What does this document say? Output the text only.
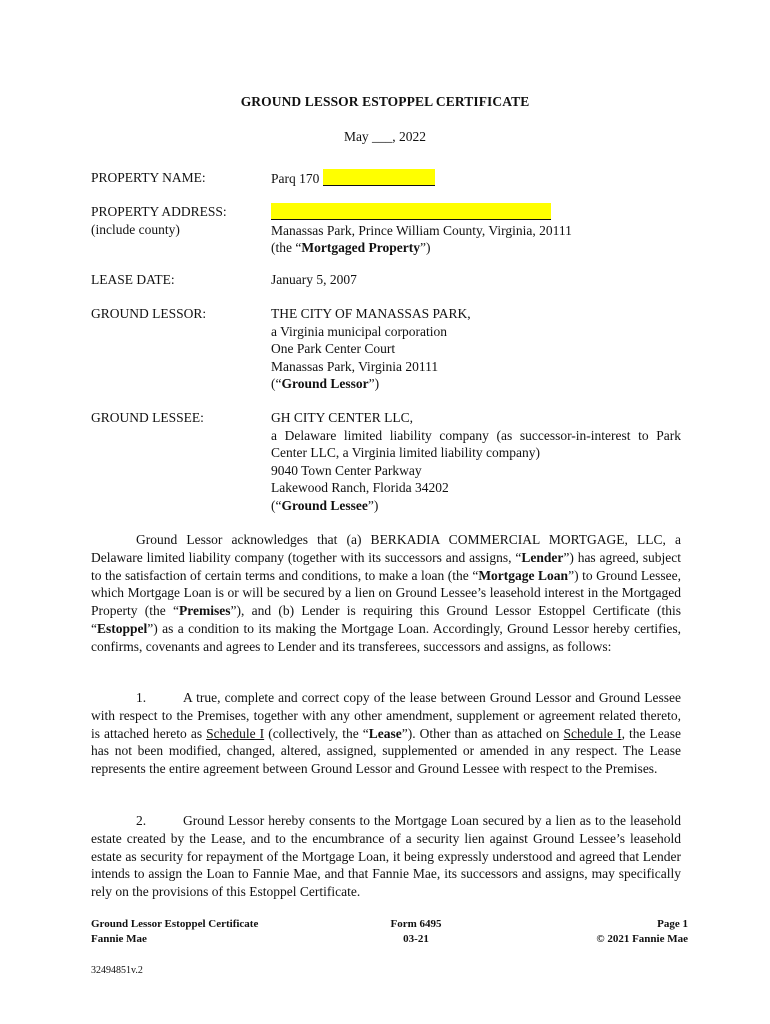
GROUND LESSOR ESTOPPEL CERTIFICATE
May ___, 2022
PROPERTY NAME:	Parq 170
PROPERTY ADDRESS:
(include county)	Manassas Park, Prince William County, Virginia, 20111
(the “Mortgaged Property”)
LEASE DATE:	January 5, 2007
GROUND LESSOR:	THE CITY OF MANASSAS PARK,
a Virginia municipal corporation
One Park Center Court
Manassas Park, Virginia 20111
(“Ground Lessor”)
GROUND LESSEE:	GH CITY CENTER LLC,
a Delaware limited liability company (as successor-in-interest to Park Center LLC, a Virginia limited liability company)
9040 Town Center Parkway
Lakewood Ranch, Florida 34202
(“Ground Lessee”)
Ground Lessor acknowledges that (a) BERKADIA COMMERCIAL MORTGAGE, LLC, a Delaware limited liability company (together with its successors and assigns, “Lender”) has agreed, subject to the satisfaction of certain terms and conditions, to make a loan (the “Mortgage Loan”) to Ground Lessee, which Mortgage Loan is or will be secured by a lien on Ground Lessee’s leasehold interest in the Mortgaged Property (the “Premises”), and (b) Lender is requiring this Ground Lessor Estoppel Certificate (this “Estoppel”) as a condition to its making the Mortgage Loan. Accordingly, Ground Lessor hereby certifies, confirms, covenants and agrees to Lender and its transferees, successors and assigns, as follows:
1.	A true, complete and correct copy of the lease between Ground Lessor and Ground Lessee with respect to the Premises, together with any other amendment, supplement or agreement related thereto, is attached hereto as Schedule I (collectively, the “Lease”). Other than as attached on Schedule I, the Lease has not been modified, changed, altered, assigned, supplemented or amended in any respect. The Lease represents the entire agreement between Ground Lessor and Ground Lessee with respect to the Premises.
2.	Ground Lessor hereby consents to the Mortgage Loan secured by a lien as to the leasehold estate created by the Lease, and to the encumbrance of a security lien against Ground Lessee’s leasehold estate as security for repayment of the Mortgage Loan, it being expressly understood and agreed that Lender intends to assign the Loan to Fannie Mae, and that Fannie Mae, its successors and assigns, may specifically rely on the provisions of this Estoppel Certificate.
Ground Lessor Estoppel Certificate
Fannie Mae
Form 6495
03-21
Page 1
© 2021 Fannie Mae
32494851v.2
